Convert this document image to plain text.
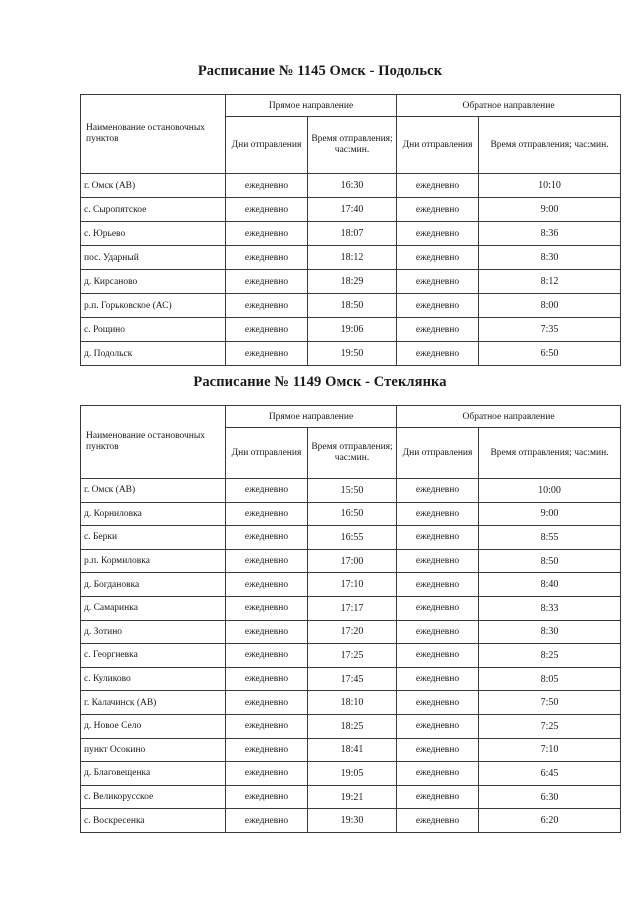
Расписание № 1145 Омск - Подольск
Наименование остановочных пунктов	Прямое направление		Обратное направление	
	Дни отправления	Время отправления; час:мин.	Дни отправления	Время отправления; час:мин.
г. Омск (АВ)	ежедневно	16:30	ежедневно	10:10
с. Сыропятское	ежедневно	17:40	ежедневно	9:00
с. Юрьево	ежедневно	18:07	ежедневно	8:36
пос. Ударный	ежедневно	18:12	ежедневно	8:30
д. Кирсаново	ежедневно	18:29	ежедневно	8:12
р.п. Горьковское (АС)	ежедневно	18:50	ежедневно	8:00
с. Рощино	ежедневно	19:06	ежедневно	7:35
д. Подольск	ежедневно	19:50	ежедневно	6:50
Расписание № 1149 Омск - Стеклянка
Наименование остановочных пунктов	Прямое направление		Обратное направление	
	Дни отправления	Время отправления; час:мин.	Дни отправления	Время отправления; час:мин.
г. Омск (АВ)	ежедневно	15:50	ежедневно	10:00
д. Корниловка	ежедневно	16:50	ежедневно	9:00
с. Берки	ежедневно	16:55	ежедневно	8:55
р.п. Кормиловка	ежедневно	17:00	ежедневно	8:50
д. Богдановка	ежедневно	17:10	ежедневно	8:40
д. Самаринка	ежедневно	17:17	ежедневно	8:33
д. Зотино	ежедневно	17:20	ежедневно	8:30
с. Георгиевка	ежедневно	17:25	ежедневно	8:25
с. Куликово	ежедневно	17:45	ежедневно	8:05
г. Калачинск (АВ)	ежедневно	18:10	ежедневно	7:50
д. Новое Село	ежедневно	18:25	ежедневно	7:25
пункт Осокино	ежедневно	18:41	ежедневно	7:10
д. Благовещенка	ежедневно	19:05	ежедневно	6:45
с. Великорусское	ежедневно	19:21	ежедневно	6:30
с. Воскресенка	ежедневно	19:30	ежедневно	6:20
